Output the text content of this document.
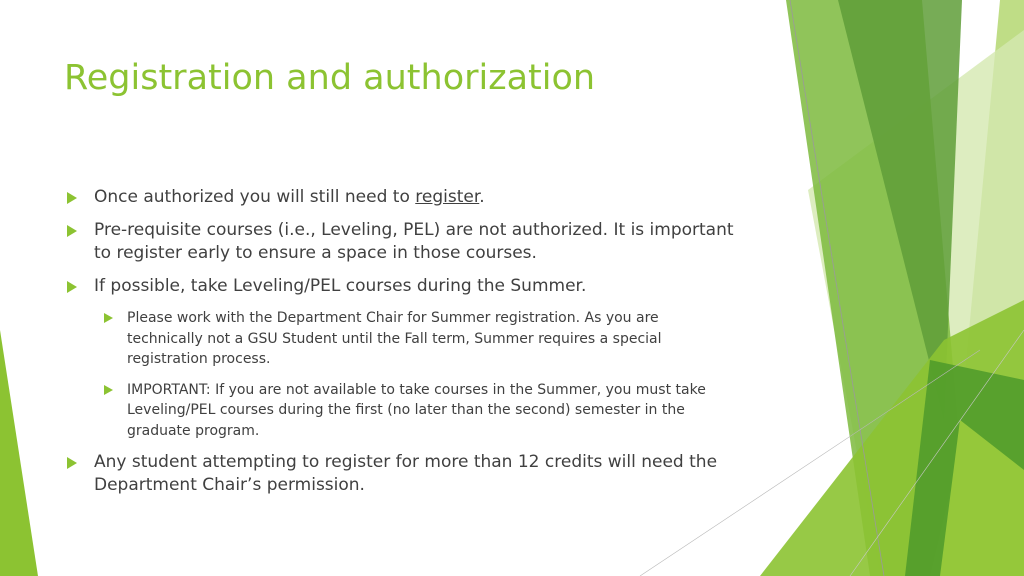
Registration and authorization
Once authorized you will still need to register.
Pre-requisite courses (i.e., Leveling, PEL) are not authorized. It is important
to register early to ensure a space in those courses.
If possible, take Leveling/PEL courses during the Summer.
Please work with the Department Chair for Summer registration. As you are
technically not a GSU Student until the Fall term, Summer requires a special
registration process.
IMPORTANT: If you are not available to take courses in the Summer, you must take
Leveling/PEL courses during the first (no later than the second) semester in the
graduate program.
Any student attempting to register for more than 12 credits will need the
Department Chair’s permission.
